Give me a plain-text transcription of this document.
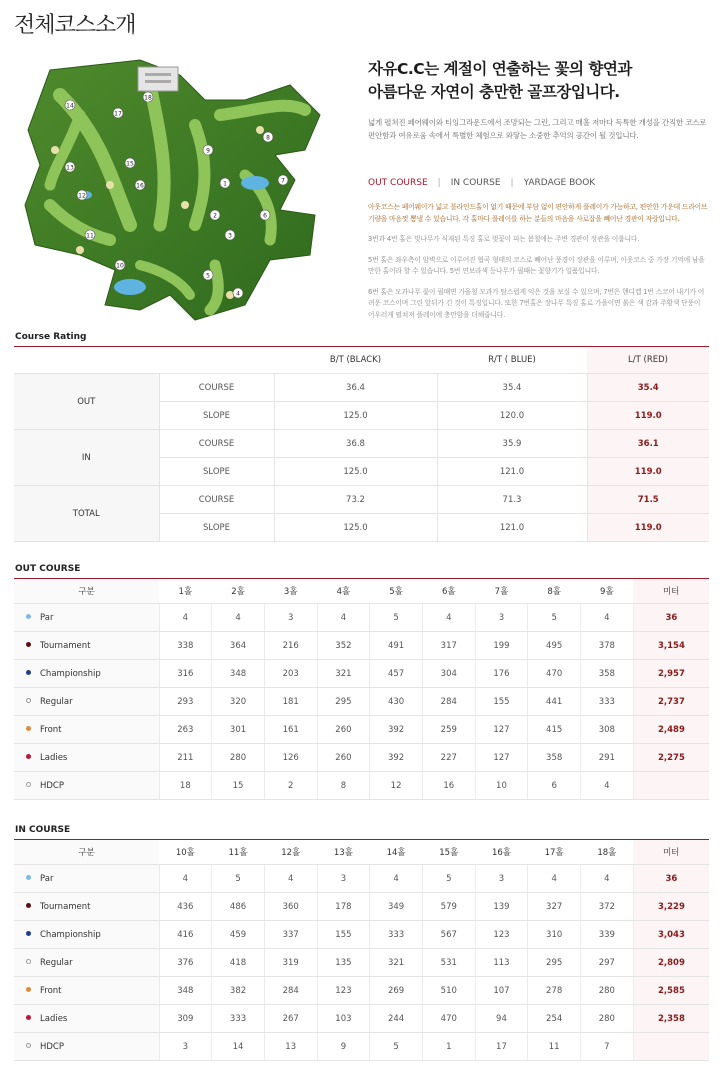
전체코스소개
1
2
3
4
5
6
7
8
9
10
11
12
13
14
15
16
17
18

자유C.C는 계절이 연출하는 꽃의 향연과
아름다운 자연이 충만한 골프장입니다.

넓게 펼쳐진 페어웨이와 티잉그라운드에서 조망되는 그린, 그리고 매홀 저마다 독특한 개성을 간직한 코스로 편안함과 여유로움 속에서 특별한 체험으로 와닿는 소중한 추억의 공간이 될 것입니다.
OUT COURSE | IN COURSE | YARDAGE BOOK

아웃코스는 페어웨이가 넓고 블라인드홀이 없기 때문에 부담 없이 편안하게 플레이가 가능하고, 편안한 가운데 드라이브 기량을 마음껏 뽐낼 수 있습니다. 각 홀마다 플레이를 하는 분들의 마음을 사로잡을 빼어난 경관이 자랑입니다.

3번과 4번 홀은 벚나무가 식재된 특징 홀로 벚꽃이 피는 봄철에는 주변 경관이 장관을 이룹니다.

5번 홀은 좌우측이 암벽으로 이루어진 협곡 형태의 코스로 빼어난 풍경이 장관을 이루며, 아웃코스 중 가장 기억에 남을 만한 홀이라 할 수 있습니다. 5번 연보라색 등나무가 필때는 꽃향기가 일품입니다.

6번 홀은 모과나무 꽃이 필때면 가을철 모과가 탐스럽게 익은 것을 보실 수 있으며, 7번은 핸디캡 1번 스코어 내기가 어려운 코스이며 그린 앞뒤가 긴 것이 특징입니다. 또한 7번홀은 장나무 특징 홀로 가을이면 붉은 색 감과 주황색 단풍이 어우러게 펼쳐져 플레이에 충만함을 더해줍니다.

Course Rating
		B/T (BLACK)	R/T ( BLUE)	L/T (RED)
OUT	COURSE	36.4	35.4	35.4
	SLOPE	125.0	120.0	119.0
IN	COURSE	36.8	35.9	36.1
	SLOPE	125.0	121.0	119.0
TOTAL	COURSE	73.2	71.3	71.5
	SLOPE	125.0	121.0	119.0
OUT COURSE
구분	1홀	2홀	3홀	4홀	5홀	6홀	7홀	8홀	9홀	미터
Par	4	4	3	4	5	4	3	5	4	36
Tournament	338	364	216	352	491	317	199	495	378	3,154
Championship	316	348	203	321	457	304	176	470	358	2,957
Regular	293	320	181	295	430	284	155	441	333	2,737
Front	263	301	161	260	392	259	127	415	308	2,489
Ladies	211	280	126	260	392	227	127	358	291	2,275
HDCP	18	15	2	8	12	16	10	6	4	
IN COURSE
구분	10홀	11홀	12홀	13홀	14홀	15홀	16홀	17홀	18홀	미터
Par	4	5	4	3	4	5	3	4	4	36
Tournament	436	486	360	178	349	579	139	327	372	3,229
Championship	416	459	337	155	333	567	123	310	339	3,043
Regular	376	418	319	135	321	531	113	295	297	2,809
Front	348	382	284	123	269	510	107	278	280	2,585
Ladies	309	333	267	103	244	470	94	254	280	2,358
HDCP	3	14	13	9	5	1	17	11	7	
